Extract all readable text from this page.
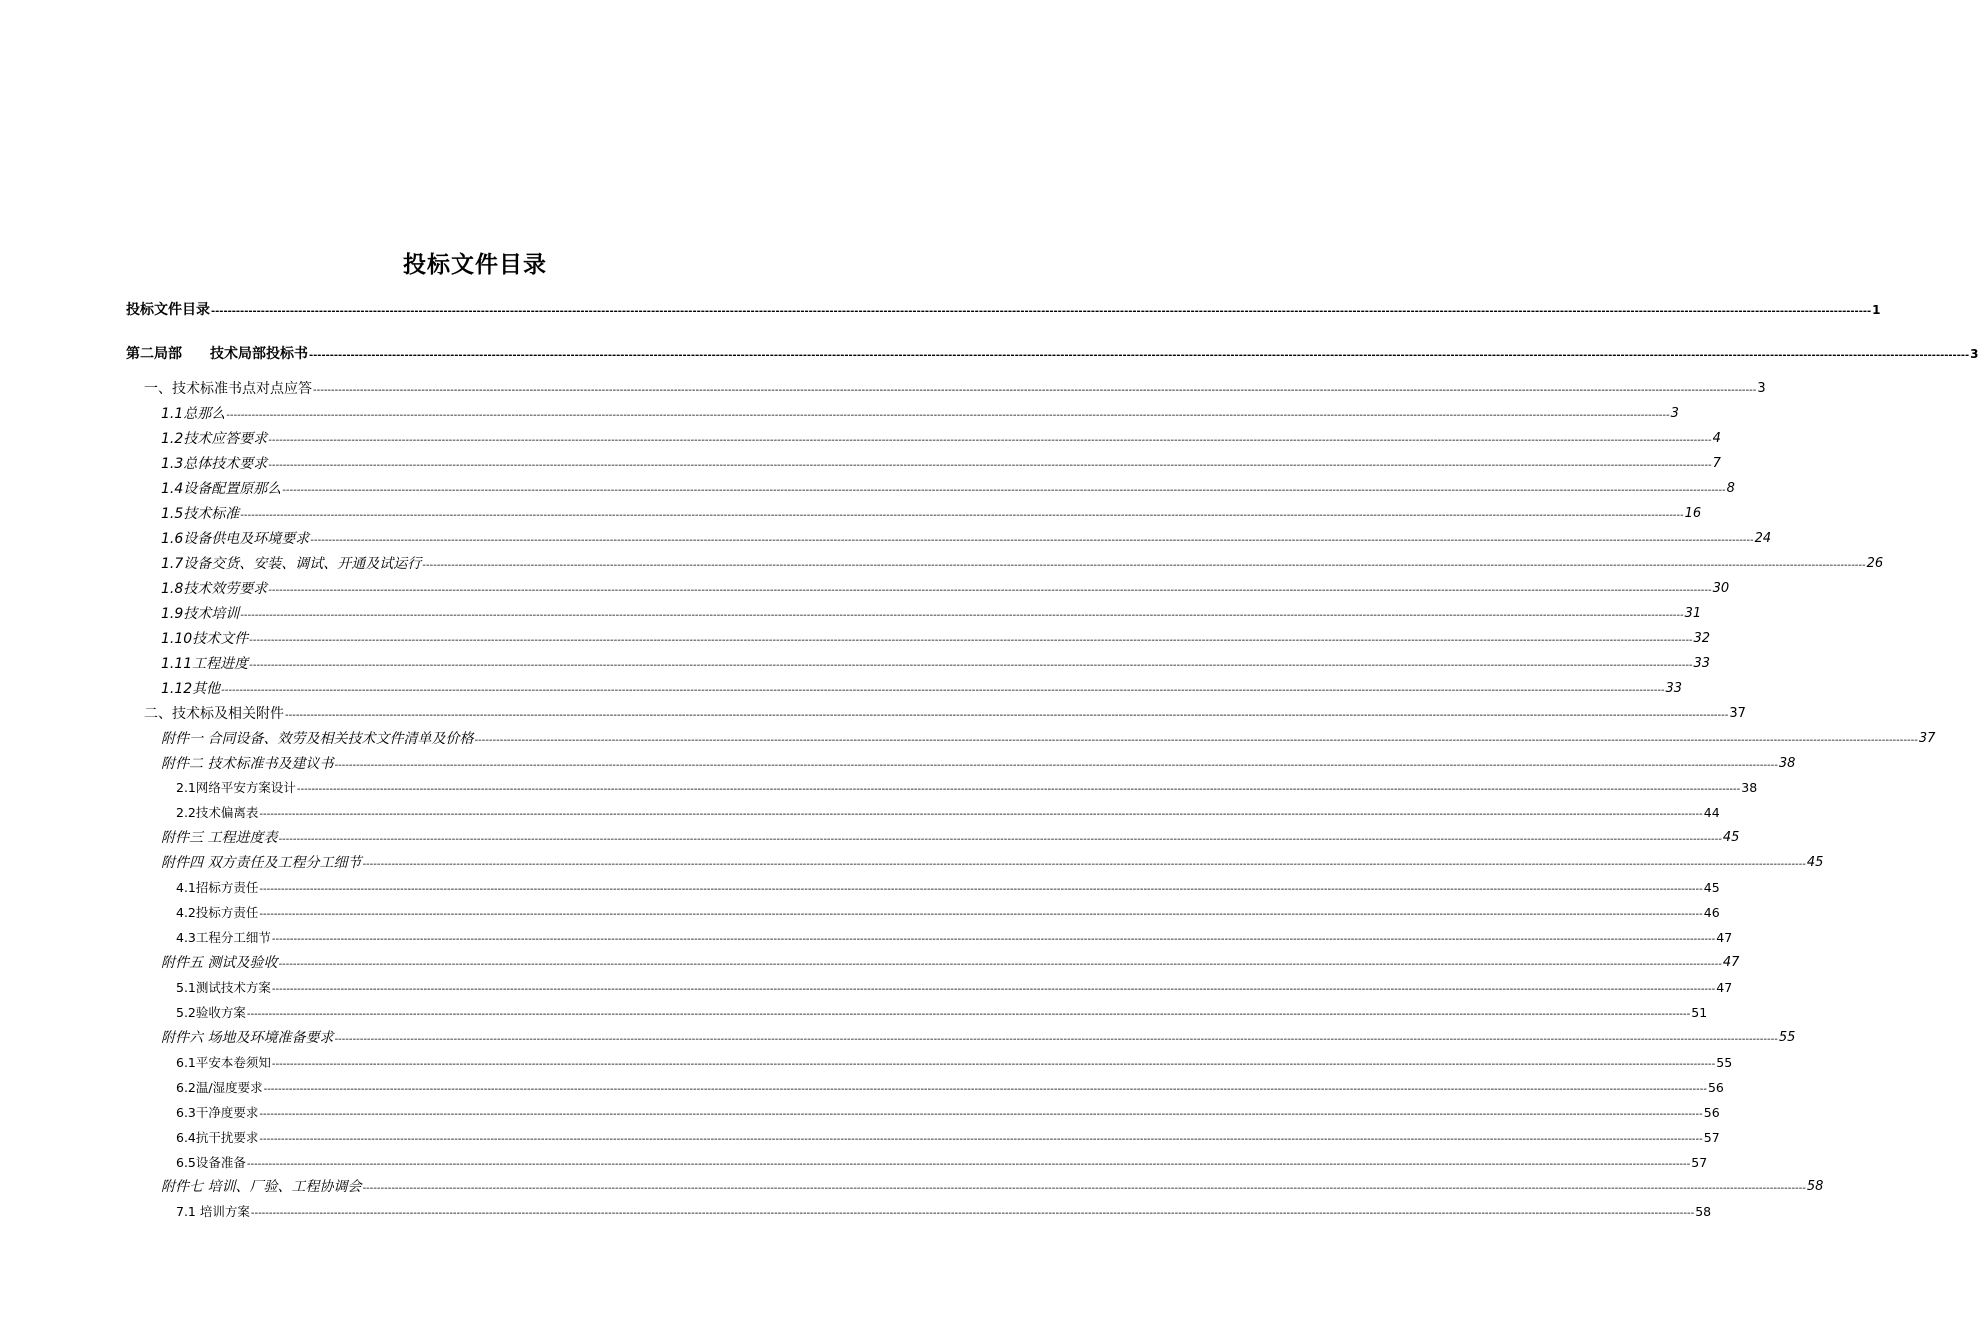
投标文件目录
投标文件目录 ---------------------------------------------------------------------------------------------------------------------------------------------------------------------------------------------------------------------------------------------------------------------------------------------------------------------------------------------------------------------------------------------------------------- 1
第二局部　　技术局部投标书 ---------------------------------------------------------------------------------------------------------------------------------------------------------------------------------------------------------------------------------------------------------------------------------------------------------------------------------------------------------------------------------------------------------------- 3
一、技术标准书点对点应答 ---------------------------------------------------------------------------------------------------------------------------------------------------------------------------------------------------------------------------------------------------------------------------------------------------------------------------------------------------------------------------------------------------------------- 3
1.1总那么 ---------------------------------------------------------------------------------------------------------------------------------------------------------------------------------------------------------------------------------------------------------------------------------------------------------------------------------------------------------------------------------------------------------------- 3
1.2技术应答要求 ---------------------------------------------------------------------------------------------------------------------------------------------------------------------------------------------------------------------------------------------------------------------------------------------------------------------------------------------------------------------------------------------------------------- 4
1.3总体技术要求 ---------------------------------------------------------------------------------------------------------------------------------------------------------------------------------------------------------------------------------------------------------------------------------------------------------------------------------------------------------------------------------------------------------------- 7
1.4设备配置原那么 ---------------------------------------------------------------------------------------------------------------------------------------------------------------------------------------------------------------------------------------------------------------------------------------------------------------------------------------------------------------------------------------------------------------- 8
1.5技术标准 ---------------------------------------------------------------------------------------------------------------------------------------------------------------------------------------------------------------------------------------------------------------------------------------------------------------------------------------------------------------------------------------------------------------- 16
1.6设备供电及环境要求 ---------------------------------------------------------------------------------------------------------------------------------------------------------------------------------------------------------------------------------------------------------------------------------------------------------------------------------------------------------------------------------------------------------------- 24
1.7设备交货、安装、调试、开通及试运行 ---------------------------------------------------------------------------------------------------------------------------------------------------------------------------------------------------------------------------------------------------------------------------------------------------------------------------------------------------------------------------------------------------------------- 26
1.8技术效劳要求 ---------------------------------------------------------------------------------------------------------------------------------------------------------------------------------------------------------------------------------------------------------------------------------------------------------------------------------------------------------------------------------------------------------------- 30
1.9技术培训 ---------------------------------------------------------------------------------------------------------------------------------------------------------------------------------------------------------------------------------------------------------------------------------------------------------------------------------------------------------------------------------------------------------------- 31
1.10技术文件 ---------------------------------------------------------------------------------------------------------------------------------------------------------------------------------------------------------------------------------------------------------------------------------------------------------------------------------------------------------------------------------------------------------------- 32
1.11工程进度 ---------------------------------------------------------------------------------------------------------------------------------------------------------------------------------------------------------------------------------------------------------------------------------------------------------------------------------------------------------------------------------------------------------------- 33
1.12其他 ---------------------------------------------------------------------------------------------------------------------------------------------------------------------------------------------------------------------------------------------------------------------------------------------------------------------------------------------------------------------------------------------------------------- 33
二、技术标及相关附件 ---------------------------------------------------------------------------------------------------------------------------------------------------------------------------------------------------------------------------------------------------------------------------------------------------------------------------------------------------------------------------------------------------------------- 37
附件一 合同设备、效劳及相关技术文件清单及价格 ---------------------------------------------------------------------------------------------------------------------------------------------------------------------------------------------------------------------------------------------------------------------------------------------------------------------------------------------------------------------------------------------------------------- 37
附件二 技术标准书及建议书 ---------------------------------------------------------------------------------------------------------------------------------------------------------------------------------------------------------------------------------------------------------------------------------------------------------------------------------------------------------------------------------------------------------------- 38
2.1网络平安方案设计 ---------------------------------------------------------------------------------------------------------------------------------------------------------------------------------------------------------------------------------------------------------------------------------------------------------------------------------------------------------------------------------------------------------------- 38
2.2技术偏离表 ---------------------------------------------------------------------------------------------------------------------------------------------------------------------------------------------------------------------------------------------------------------------------------------------------------------------------------------------------------------------------------------------------------------- 44
附件三 工程进度表 ---------------------------------------------------------------------------------------------------------------------------------------------------------------------------------------------------------------------------------------------------------------------------------------------------------------------------------------------------------------------------------------------------------------- 45
附件四 双方责任及工程分工细节 ---------------------------------------------------------------------------------------------------------------------------------------------------------------------------------------------------------------------------------------------------------------------------------------------------------------------------------------------------------------------------------------------------------------- 45
4.1招标方责任 ---------------------------------------------------------------------------------------------------------------------------------------------------------------------------------------------------------------------------------------------------------------------------------------------------------------------------------------------------------------------------------------------------------------- 45
4.2投标方责任 ---------------------------------------------------------------------------------------------------------------------------------------------------------------------------------------------------------------------------------------------------------------------------------------------------------------------------------------------------------------------------------------------------------------- 46
4.3工程分工细节 ---------------------------------------------------------------------------------------------------------------------------------------------------------------------------------------------------------------------------------------------------------------------------------------------------------------------------------------------------------------------------------------------------------------- 47
附件五 测试及验收 ---------------------------------------------------------------------------------------------------------------------------------------------------------------------------------------------------------------------------------------------------------------------------------------------------------------------------------------------------------------------------------------------------------------- 47
5.1测试技术方案 ---------------------------------------------------------------------------------------------------------------------------------------------------------------------------------------------------------------------------------------------------------------------------------------------------------------------------------------------------------------------------------------------------------------- 47
5.2验收方案 ---------------------------------------------------------------------------------------------------------------------------------------------------------------------------------------------------------------------------------------------------------------------------------------------------------------------------------------------------------------------------------------------------------------- 51
附件六 场地及环境准备要求 ---------------------------------------------------------------------------------------------------------------------------------------------------------------------------------------------------------------------------------------------------------------------------------------------------------------------------------------------------------------------------------------------------------------- 55
6.1平安本卷须知 ---------------------------------------------------------------------------------------------------------------------------------------------------------------------------------------------------------------------------------------------------------------------------------------------------------------------------------------------------------------------------------------------------------------- 55
6.2温/湿度要求 ---------------------------------------------------------------------------------------------------------------------------------------------------------------------------------------------------------------------------------------------------------------------------------------------------------------------------------------------------------------------------------------------------------------- 56
6.3干净度要求 ---------------------------------------------------------------------------------------------------------------------------------------------------------------------------------------------------------------------------------------------------------------------------------------------------------------------------------------------------------------------------------------------------------------- 56
6.4抗干扰要求 ---------------------------------------------------------------------------------------------------------------------------------------------------------------------------------------------------------------------------------------------------------------------------------------------------------------------------------------------------------------------------------------------------------------- 57
6.5设备准备 ---------------------------------------------------------------------------------------------------------------------------------------------------------------------------------------------------------------------------------------------------------------------------------------------------------------------------------------------------------------------------------------------------------------- 57
附件七 培训、厂验、工程协调会 ---------------------------------------------------------------------------------------------------------------------------------------------------------------------------------------------------------------------------------------------------------------------------------------------------------------------------------------------------------------------------------------------------------------- 58
7.1 培训方案 ---------------------------------------------------------------------------------------------------------------------------------------------------------------------------------------------------------------------------------------------------------------------------------------------------------------------------------------------------------------------------------------------------------------- 58
